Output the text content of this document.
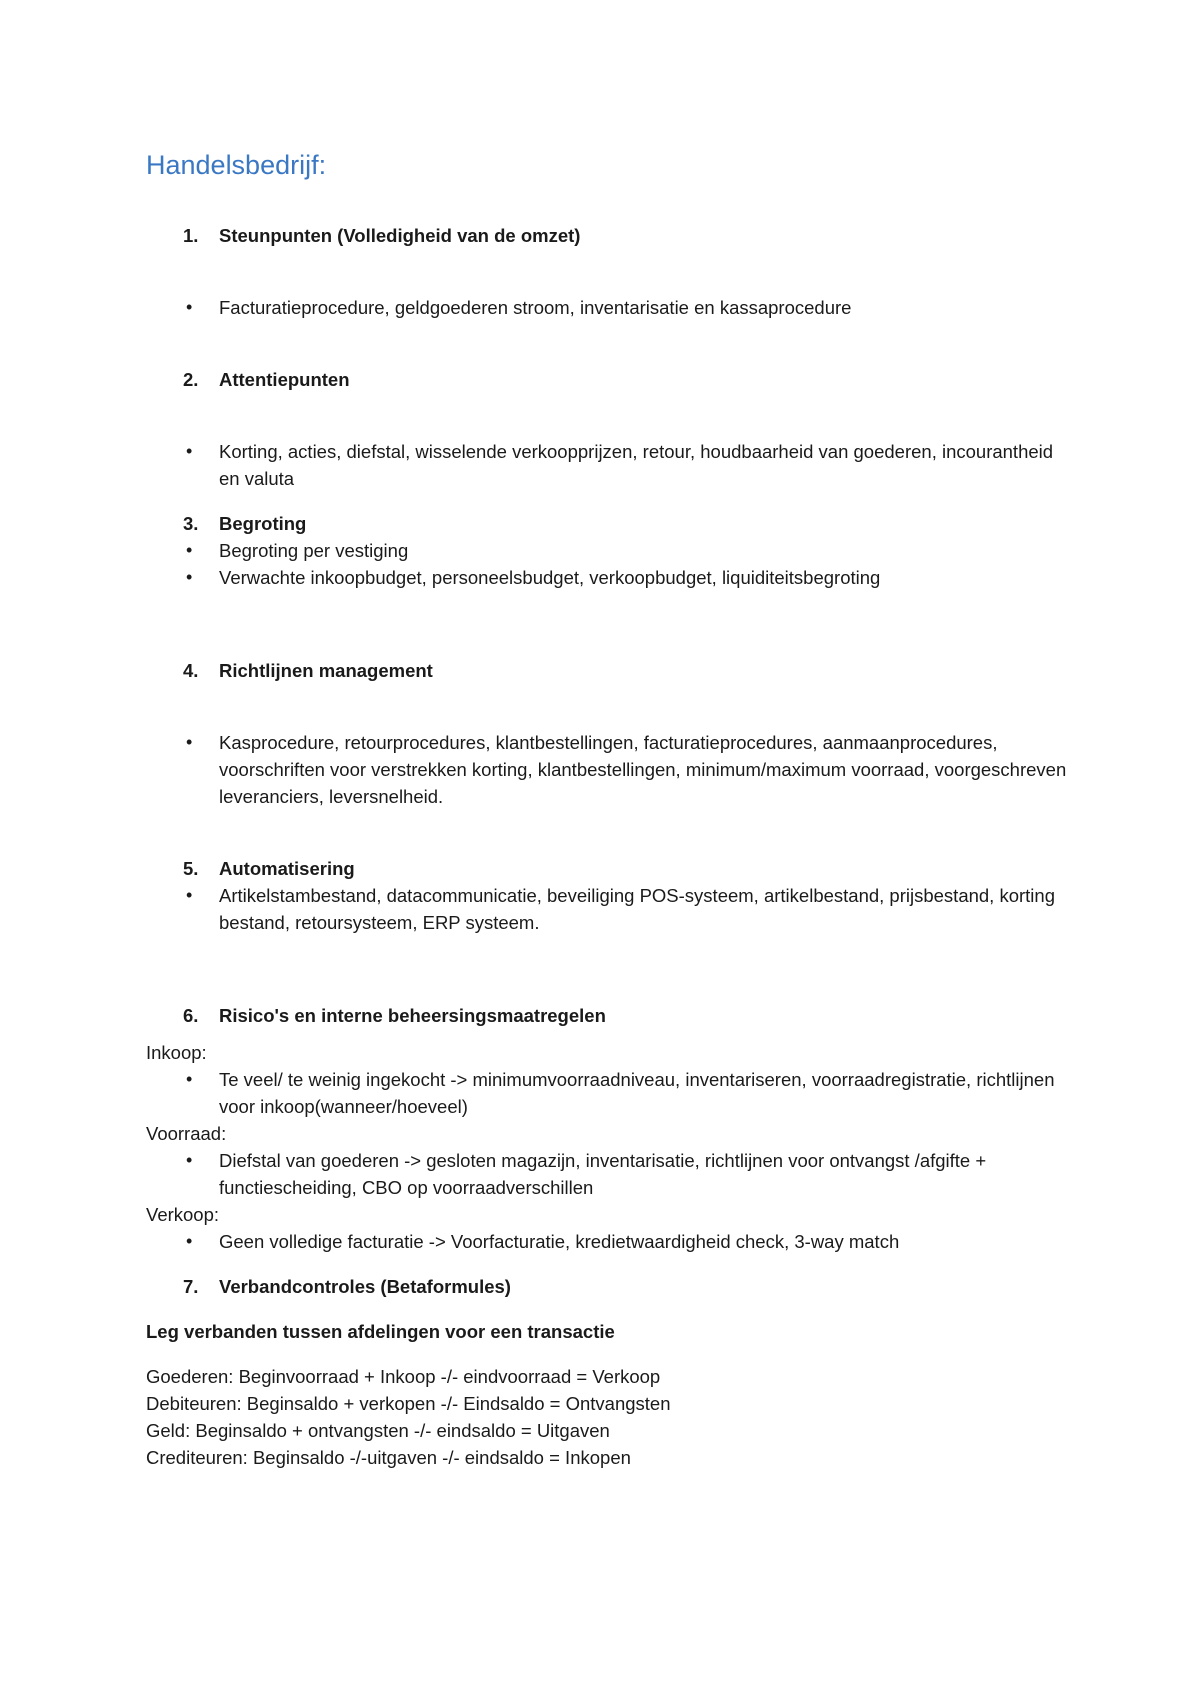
Handelsbedrijf:
1. Steunpunten (Volledigheid van de omzet)
• Facturatieprocedure, geldgoederen stroom, inventarisatie en kassaprocedure
2. Attentiepunten
• Korting, acties, diefstal, wisselende verkoopprijzen, retour, houdbaarheid van goederen, incourantheid en valuta
3. Begroting
• Begroting per vestiging
• Verwachte inkoopbudget, personeelsbudget, verkoopbudget, liquiditeitsbegroting
4. Richtlijnen management
• Kasprocedure, retourprocedures, klantbestellingen, facturatieprocedures, aanmaanprocedures, voorschriften voor verstrekken korting, klantbestellingen, minimum/maximum voorraad, voorgeschreven leveranciers, leversnelheid.
5. Automatisering
• Artikelstambestand, datacommunicatie, beveiliging POS-systeem, artikelbestand, prijsbestand, korting bestand, retoursysteem, ERP systeem.
6. Risico's en interne beheersingsmaatregelen
Inkoop:
• Te veel/ te weinig ingekocht -> minimumvoorraadniveau, inventariseren, voorraadregistratie, richtlijnen voor inkoop(wanneer/hoeveel)
Voorraad:
• Diefstal van goederen -> gesloten magazijn, inventarisatie, richtlijnen voor ontvangst /afgifte + functiescheiding, CBO op voorraadverschillen
Verkoop:
• Geen volledige facturatie -> Voorfacturatie, kredietwaardigheid check, 3-way match
7. Verbandcontroles (Betaformules)
Leg verbanden tussen afdelingen voor een transactie
Goederen: Beginvoorraad + Inkoop -/- eindvoorraad = Verkoop
Debiteuren: Beginsaldo + verkopen -/- Eindsaldo = Ontvangsten
Geld: Beginsaldo + ontvangsten -/- eindsaldo = Uitgaven
Crediteuren: Beginsaldo -/-uitgaven -/- eindsaldo = Inkopen
